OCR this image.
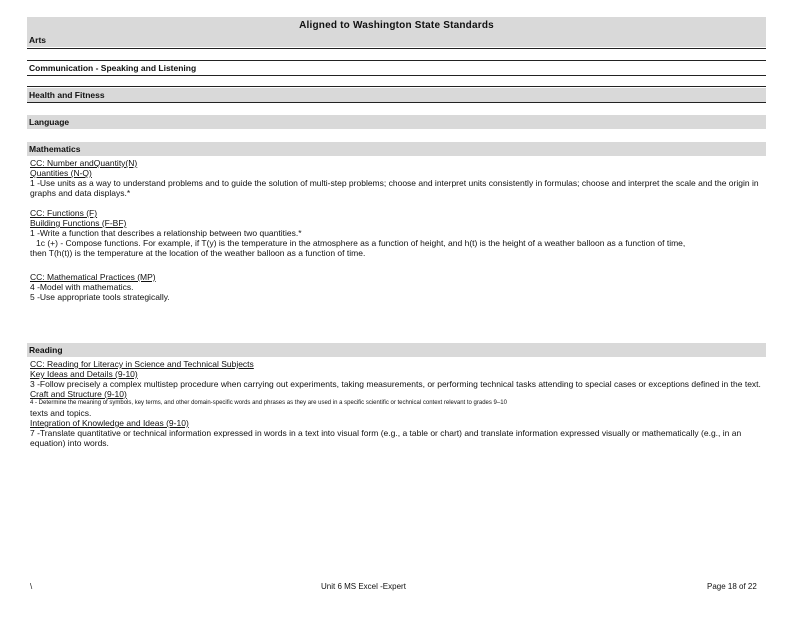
Aligned to Washington State Standards
Arts
Communication - Speaking and Listening
Health and Fitness
Language
Mathematics
CC: Number andQuantity(N)
Quantities (N-Q)
1 -Use units as a way to understand problems and to guide the solution of multi-step problems; choose and interpret units consistently in formulas; choose and interpret the scale and the origin in graphs and data displays.*
CC: Functions (F)
Building Functions (F-BF)
1 -Write a function that describes a relationship between two quantities.*
1c (+) - Compose functions. For example, if T(y) is the temperature in the atmosphere as a function of height, and h(t) is the height of a weather balloon as a function of time,
then T(h(t)) is the temperature at the location of the weather balloon as a function of time.
CC: Mathematical Practices (MP)
4 -Model with mathematics.
5 -Use appropriate tools strategically.
Reading
CC: Reading for Literacy in Science and Technical Subjects
Key Ideas and Details (9-10)
3 -Follow precisely a complex multistep procedure when carrying out experiments, taking measurements, or performing technical tasks attending to special cases or exceptions defined in the text.
Craft and Structure (9-10)
4 - Determine the meaning of symbols, key terms, and other domain-specific words and phrases as they are used in a specific scientific or technical context relevant to grades 9–10
texts and topics.
Integration of Knowledge and Ideas (9-10)
7 -Translate quantitative or technical information expressed in words in a text into visual form (e.g., a table or chart) and translate information expressed visually or mathematically (e.g., in an equation) into words.
\	Unit 6 MS Excel -Expert	Page 18 of 22
